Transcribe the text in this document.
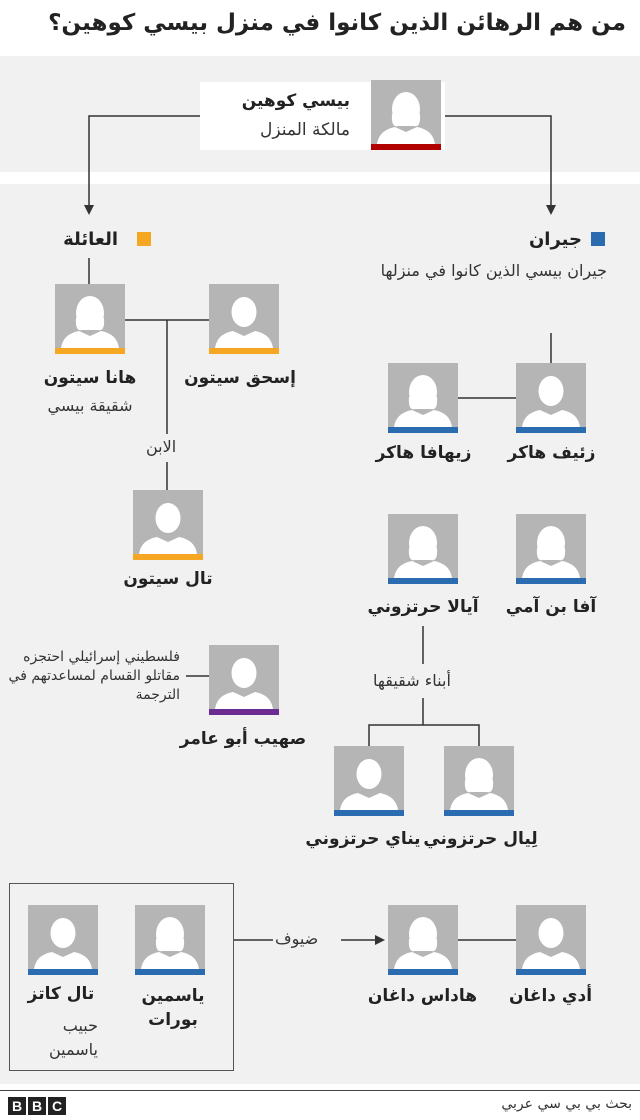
من هم الرهائن الذين كانوا في منزل بيسي كوهين؟
بيسي كوهين
مالكة المنزل
العائلة	جيران
جيران بيسي الذين كانوا في منزلها
هانا سيتون
شقيقة بيسي
إسحق سيتون
الابن
تال سيتون
زيهافا هاكر	زئيف هاكر
آيالا حرتزوني	آفا بن آمي
أبناء شقيقها
يناي حرتزوني لِيال حرتزوني
هاداس داغان	أدي داغان
فلسطيني إسرائيلي احتجزه مقاتلو القسام لمساعدتهم في الترجمة
صهيب أبو عامر
ضيوف
ياسمين بورات
تال كاتز
حبيب ياسمين
B B C	بحث بي بي سي عربي
